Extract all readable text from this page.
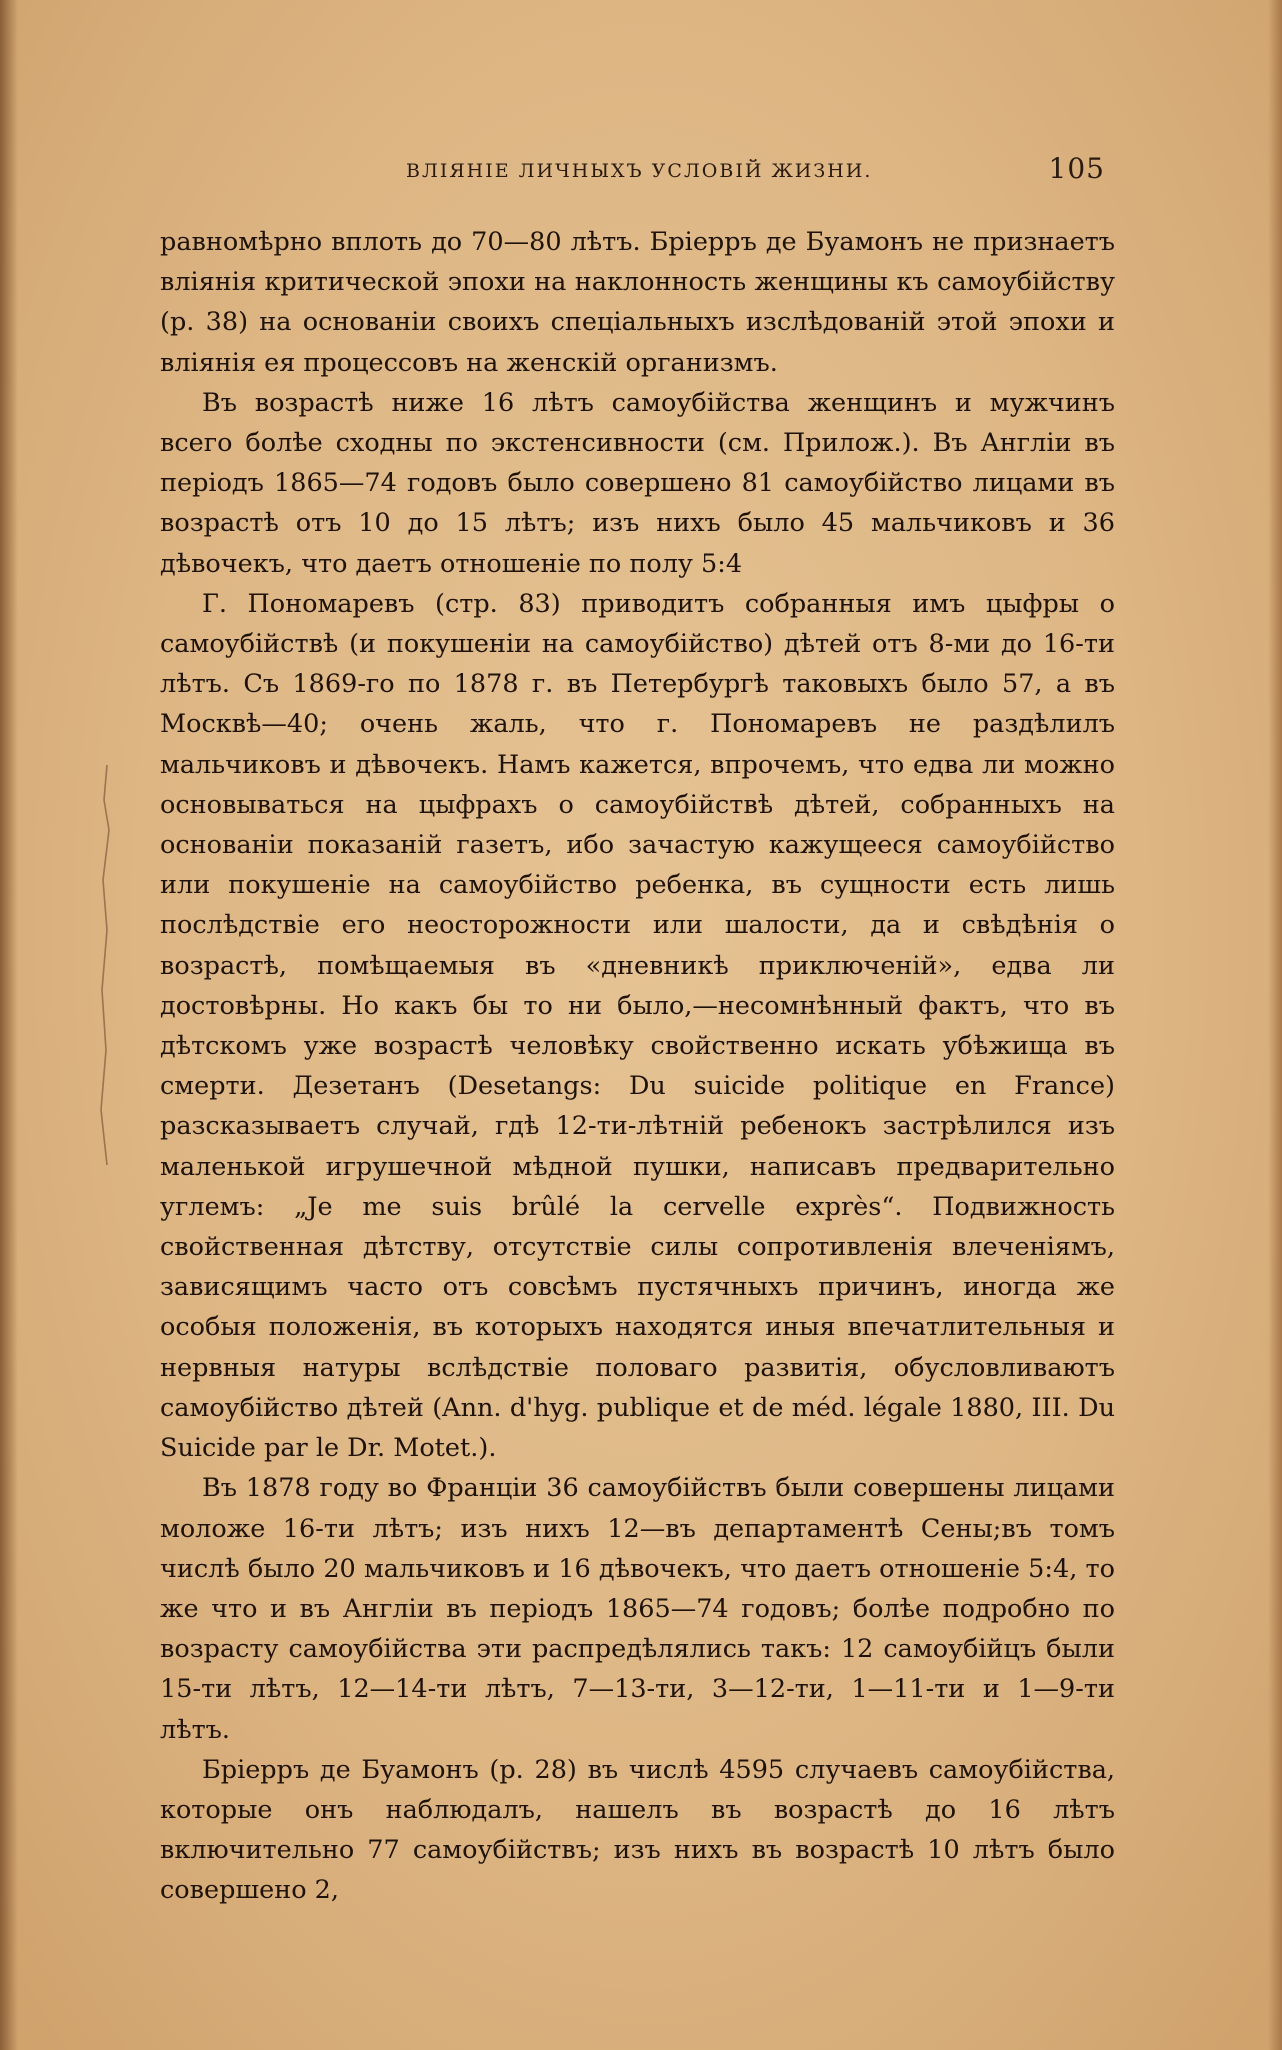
ВЛІЯНІЕ ЛИЧНЫХЪ УСЛОВІЙ ЖИЗНИ.	105

равномѣрно вплоть до 70—80 лѣтъ. Бріерръ де Буамонъ не признаетъ вліянія критической эпохи на наклонность женщины къ самоубійству (p. 38) на основаніи своихъ спеціальныхъ изслѣдованій этой эпохи и вліянія ея процессовъ на женскій организмъ.

Въ возрастѣ ниже 16 лѣтъ самоубійства женщинъ и мужчинъ всего болѣе сходны по экстенсивности (см. Прилож.). Въ Англіи въ періодъ 1865—74 годовъ было совершено 81 самоубійство лицами въ возрастѣ отъ 10 до 15 лѣтъ; изъ нихъ было 45 мальчиковъ и 36 дѣвочекъ, что даетъ отношеніе по полу 5:4

Г. Пономаревъ (стр. 83) приводитъ собранныя имъ цыфры о самоубійствѣ (и покушеніи на самоубійство) дѣтей отъ 8-ми до 16-ти лѣтъ. Съ 1869-го по 1878 г. въ Петербургѣ таковыхъ было 57, а въ Москвѣ—40; очень жаль, что г. Пономаревъ не раздѣлилъ мальчиковъ и дѣвочекъ. Намъ кажется, впрочемъ, что едва ли можно основываться на цыфрахъ о самоубійствѣ дѣтей, собранныхъ на основаніи показаній газетъ, ибо зачастую кажущееся самоубійство или покушеніе на самоубійство ребенка, въ сущности есть лишь послѣдствіе его неосторожности или шалости, да и свѣдѣнія о возрастѣ, помѣщаемыя въ «дневникѣ приключеній», едва ли достовѣрны. Но какъ бы то ни было,—несомнѣнный фактъ, что въ дѣтскомъ уже возрастѣ человѣку свойственно искать убѣжища въ смерти. Дезетанъ (Desetangs: Du suicide politique en France) разсказываетъ случай, гдѣ 12-ти-лѣтній ребенокъ застрѣлился изъ маленькой игрушечной мѣдной пушки, написавъ предварительно углемъ: „Je me suis brûlé la cervelle exprès“. Подвижность свойственная дѣтству, отсутствіе силы сопротивленія влеченіямъ, зависящимъ часто отъ совсѣмъ пустячныхъ причинъ, иногда же особыя положенія, въ которыхъ находятся иныя впечатлительныя и нервныя натуры вслѣдствіе половаго развитія, обусловливаютъ самоубійство дѣтей (Ann. d'hyg. publique et de méd. légale 1880, III. Du Suicide par le Dr. Motet.).

Въ 1878 году во Франціи 36 самоубійствъ были совершены лицами моложе 16-ти лѣтъ; изъ нихъ 12—въ департаментѣ Сены;въ томъ числѣ было 20 мальчиковъ и 16 дѣвочекъ, что даетъ отношеніе 5:4, то же что и въ Англіи въ періодъ 1865—74 годовъ; болѣе подробно по возрасту самоубійства эти распредѣлялись такъ: 12 самоубійцъ были 15-ти лѣтъ, 12—14-ти лѣтъ, 7—13-ти, 3—12-ти, 1—11-ти и 1—9-ти лѣтъ.

Бріерръ де Буамонъ (p. 28) въ числѣ 4595 случаевъ самоубійства, которые онъ наблюдалъ, нашелъ въ возрастѣ до 16 лѣтъ включительно 77 самоубійствъ; изъ нихъ въ возрастѣ 10 лѣтъ было совершено 2,
